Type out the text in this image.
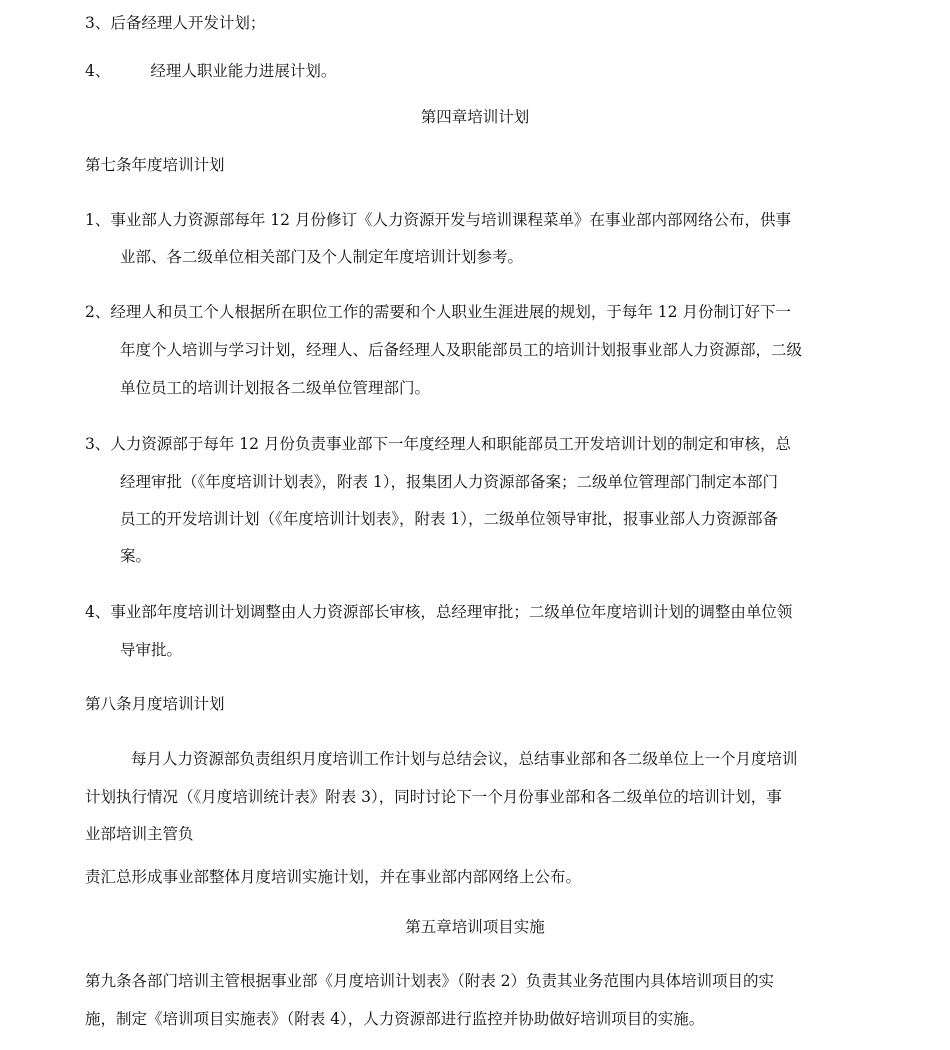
3、后备经理人开发计划；
4、	经理人职业能力进展计划。
第四章培训计划
第七条年度培训计划
1、事业部人力资源部每年 12 月份修订《人力资源开发与培训课程菜单》在事业部内部网络公布，供事
业部、各二级单位相关部门及个人制定年度培训计划参考。
2、经理人和员工个人根据所在职位工作的需要和个人职业生涯进展的规划，于每年 12 月份制订好下一
年度个人培训与学习计划，经理人、后备经理人及职能部员工的培训计划报事业部人力资源部，二级
单位员工的培训计划报各二级单位管理部门。
3、人力资源部于每年 12 月份负责事业部下一年度经理人和职能部员工开发培训计划的制定和审核，总
经理审批（《年度培训计划表》，附表 1），报集团人力资源部备案；二级单位管理部门制定本部门
员工的开发培训计划（《年度培训计划表》，附表 1），二级单位领导审批，报事业部人力资源部备
案。
4、事业部年度培训计划调整由人力资源部长审核，总经理审批；二级单位年度培训计划的调整由单位领
导审批。
第八条月度培训计划
每月人力资源部负责组织月度培训工作计划与总结会议，总结事业部和各二级单位上一个月度培训
计划执行情况（《月度培训统计表》附表 3），同时讨论下一个月份事业部和各二级单位的培训计划，事
业部培训主管负
责汇总形成事业部整体月度培训实施计划，并在事业部内部网络上公布。
第五章培训项目实施
第九条各部门培训主管根据事业部《月度培训计划表》（附表 2）负责其业务范围内具体培训项目的实
施，制定《培训项目实施表》（附表 4），人力资源部进行监控并协助做好培训项目的实施。
